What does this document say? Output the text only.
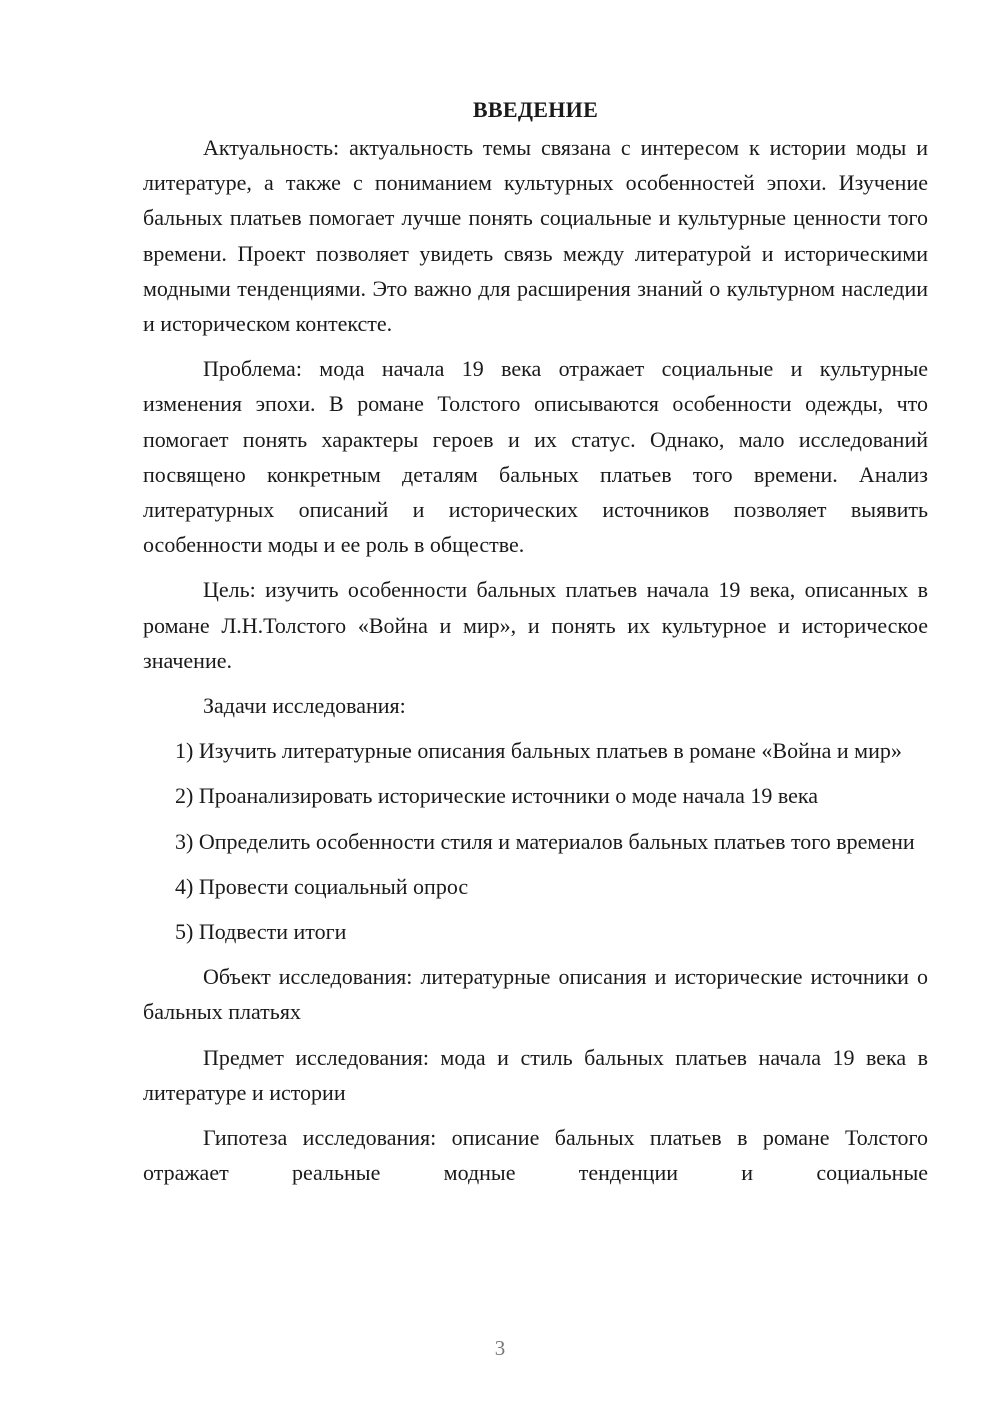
ВВЕДЕНИЕ

Актуальность: актуальность темы связана с интересом к истории моды и литературе, а также с пониманием культурных особенностей эпохи. Изучение бальных платьев помогает лучше понять социальные и культурные ценности того времени. Проект позволяет увидеть связь между литературой и историческими модными тенденциями. Это важно для расширения знаний о культурном наследии и историческом контексте.

Проблема: мода начала 19 века отражает социальные и культурные изменения эпохи. В романе Толстого описываются особенности одежды, что помогает понять характеры героев и их статус. Однако, мало исследований посвящено конкретным деталям бальных платьев того времени. Анализ литературных описаний и исторических источников позволяет выявить особенности моды и ее роль в обществе.

Цель: изучить особенности бальных платьев начала 19 века, описанных в романе Л.Н.Толстого «Война и мир», и понять их культурное и историческое значение.

Задачи исследования:

1) Изучить литературные описания бальных платьев в романе «Война и мир»

2) Проанализировать исторические источники о моде начала 19 века

3) Определить особенности стиля и материалов бальных платьев того времени

4) Провести социальный опрос

5) Подвести итоги

Объект исследования: литературные описания и исторические источники о бальных платьях

Предмет исследования: мода и стиль бальных платьев начала 19 века в литературе и истории

Гипотеза исследования: описание бальных платьев в романе Толстого отражает реальные модные тенденции и социальные

3
